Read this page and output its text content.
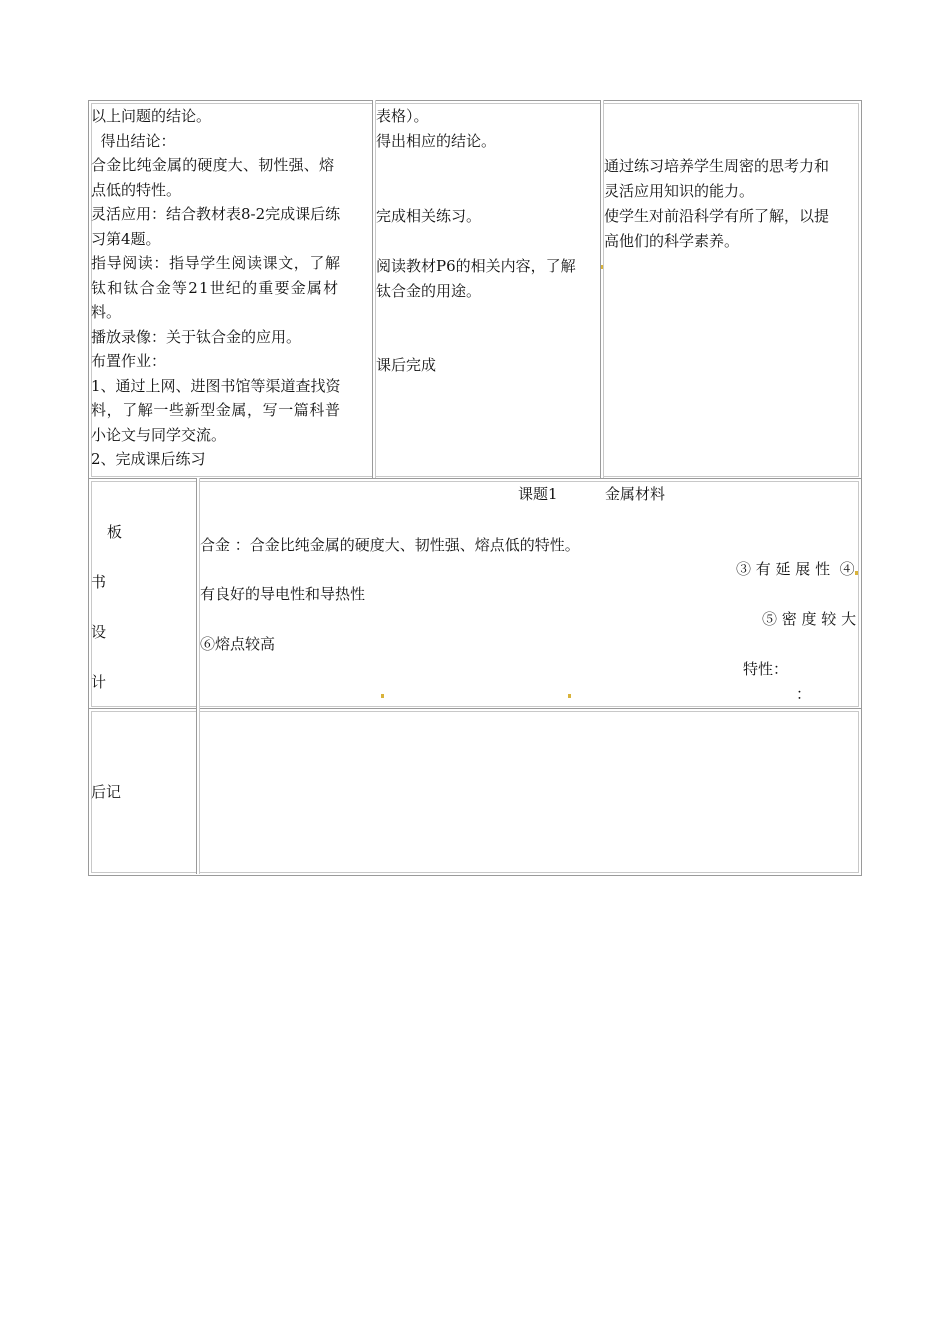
以上问题的结论。
得出结论：
合金比纯金属的硬度大、韧性强、熔
点低的特性。
灵活应用：结合教材表8-2完成课后练
习第4题。
指导阅读：指导学生阅读课文，了解
钛和钛合金等21世纪的重要金属材
料。
播放录像：关于钛合金的应用。
布置作业：
1、通过上网、进图书馆等渠道查找资
料，了解一些新型金属，写一篇科普
小论文与同学交流。
2、完成课后练习
表格）。
得出相应的结论。
完成相关练习。
阅读教材P6的相关内容，了解
钛合金的用途。
课后完成
通过练习培养学生周密的思考力和
灵活应用知识的能力。
使学生对前沿科学有所了解，以提
高他们的科学素养。
板
书
设
计
课题1	金属材料
合金 ：合金比纯金属的硬度大、韧性强、熔点低的特性。
③ 有 延 展 性  ④
有良好的导电性和导热性
⑤ 密 度 较 大
⑥熔点较高
特性：
：
后记
